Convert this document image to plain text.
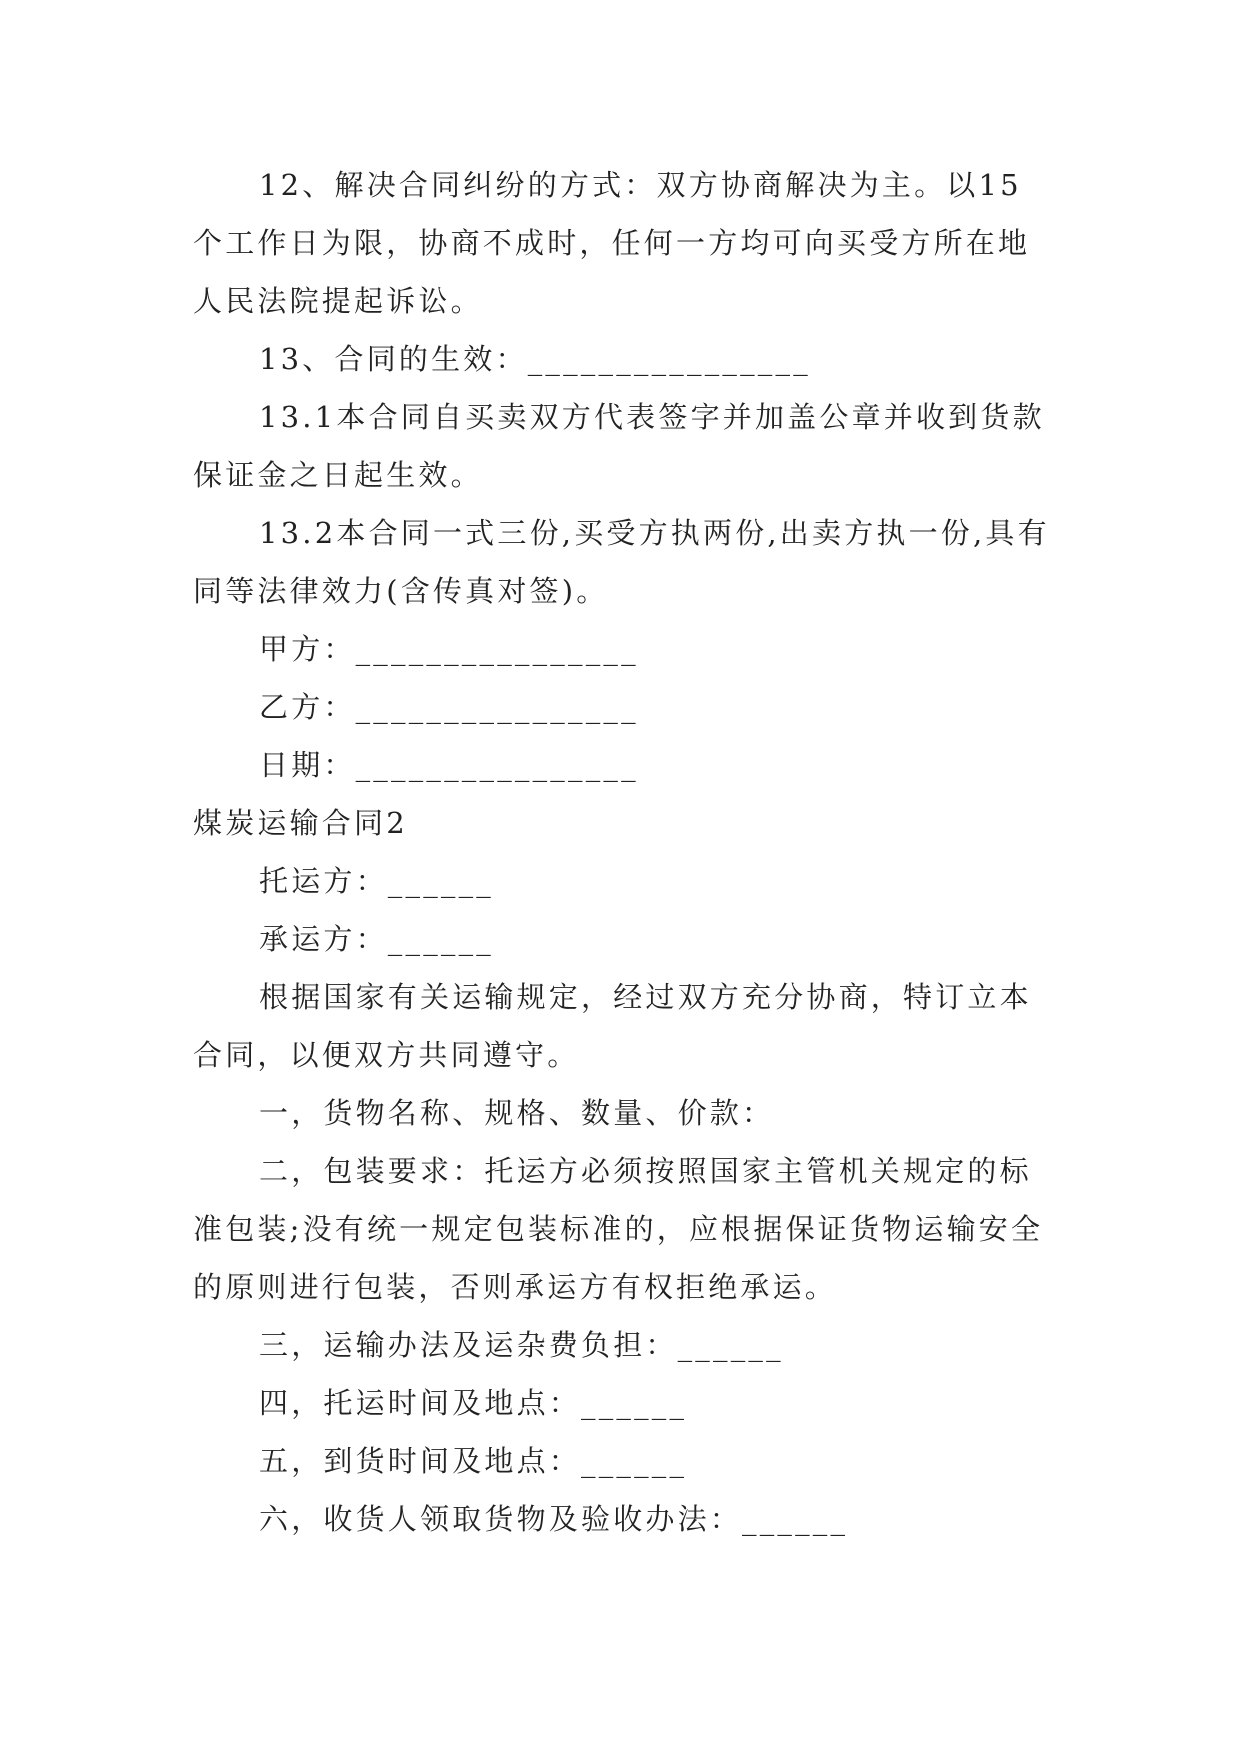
12、解决合同纠纷的方式：双方协商解决为主。以15个工作日为限，协商不成时，任何一方均可向买受方所在地人民法院提起诉讼。

13、合同的生效：________________

13.1本合同自买卖双方代表签字并加盖公章并收到货款保证金之日起生效。

13.2本合同一式三份,买受方执两份,出卖方执一份,具有同等法律效力(含传真对签)。

甲方：________________

乙方：________________

日期：________________

煤炭运输合同2

托运方：______

承运方：______

根据国家有关运输规定，经过双方充分协商，特订立本合同，以便双方共同遵守。

一，货物名称、规格、数量、价款：

二，包装要求：托运方必须按照国家主管机关规定的标准包装;没有统一规定包装标准的，应根据保证货物运输安全的原则进行包装，否则承运方有权拒绝承运。

三，运输办法及运杂费负担：______

四，托运时间及地点：______

五，到货时间及地点：______

六，收货人领取货物及验收办法：______
